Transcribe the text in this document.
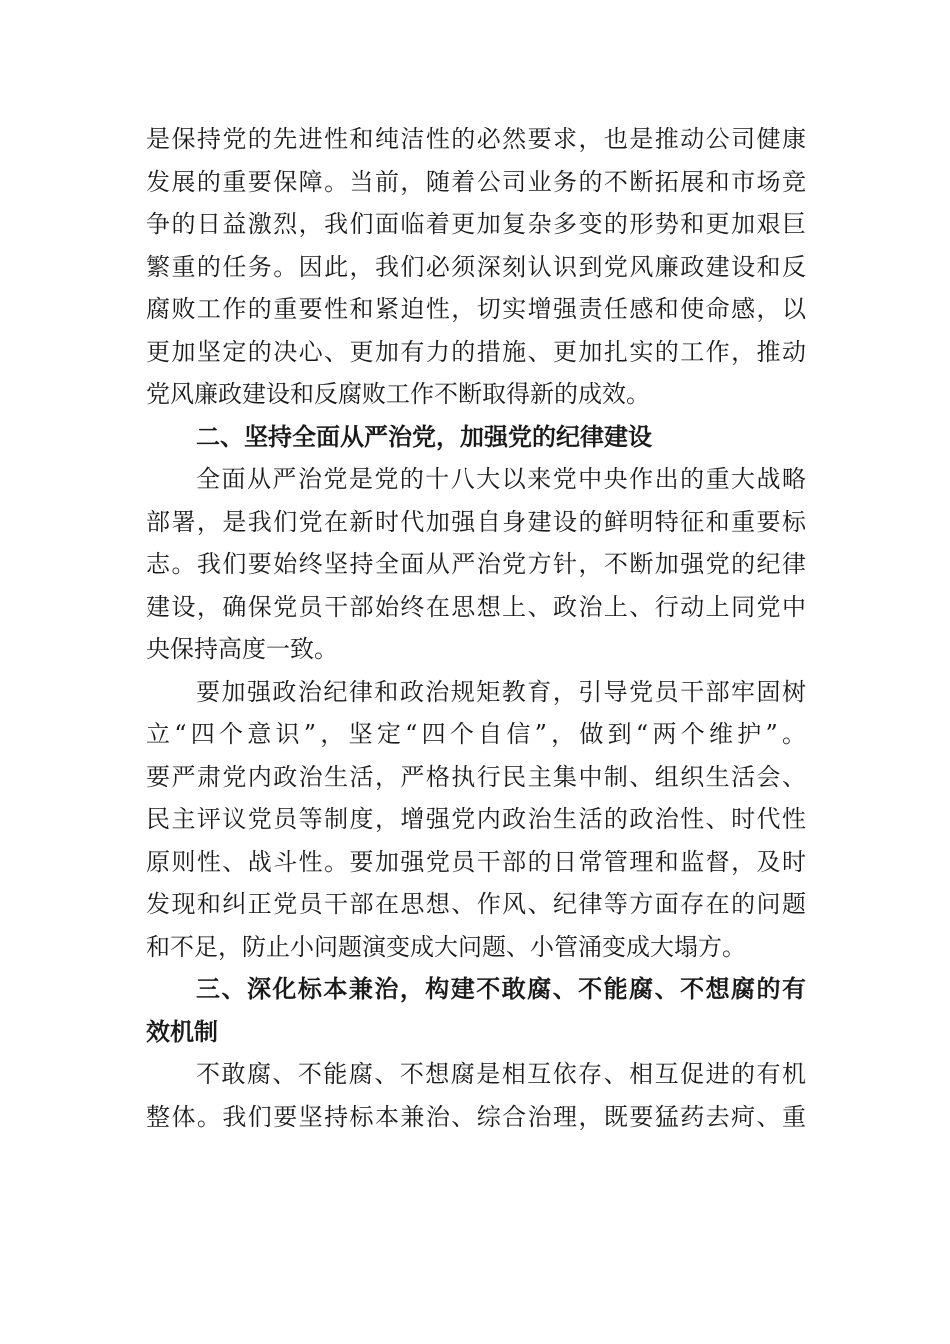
是保持党的先进性和纯洁性的必然要求，也是推动公司健康
发展的重要保障。当前，随着公司业务的不断拓展和市场竞
争的日益激烈，我们面临着更加复杂多变的形势和更加艰巨
繁重的任务。因此，我们必须深刻认识到党风廉政建设和反
腐败工作的重要性和紧迫性，切实增强责任感和使命感，以
更加坚定的决心、更加有力的措施、更加扎实的工作，推动
党风廉政建设和反腐败工作不断取得新的成效。
二、坚持全面从严治党，加强党的纪律建设
全面从严治党是党的十八大以来党中央作出的重大战略
部署，是我们党在新时代加强自身建设的鲜明特征和重要标
志。我们要始终坚持全面从严治党方针，不断加强党的纪律
建设，确保党员干部始终在思想上、政治上、行动上同党中
央保持高度一致。
要加强政治纪律和政治规矩教育，引导党员干部牢固树
立“四个意识”，坚定“四个自信”，做到“两个维护”。
要严肃党内政治生活，严格执行民主集中制、组织生活会、
民主评议党员等制度，增强党内政治生活的政治性、时代性
原则性、战斗性。要加强党员干部的日常管理和监督，及时
发现和纠正党员干部在思想、作风、纪律等方面存在的问题
和不足，防止小问题演变成大问题、小管涌变成大塌方。
三、深化标本兼治，构建不敢腐、不能腐、不想腐的有
效机制
不敢腐、不能腐、不想腐是相互依存、相互促进的有机
整体。我们要坚持标本兼治、综合治理，既要猛药去疴、重
